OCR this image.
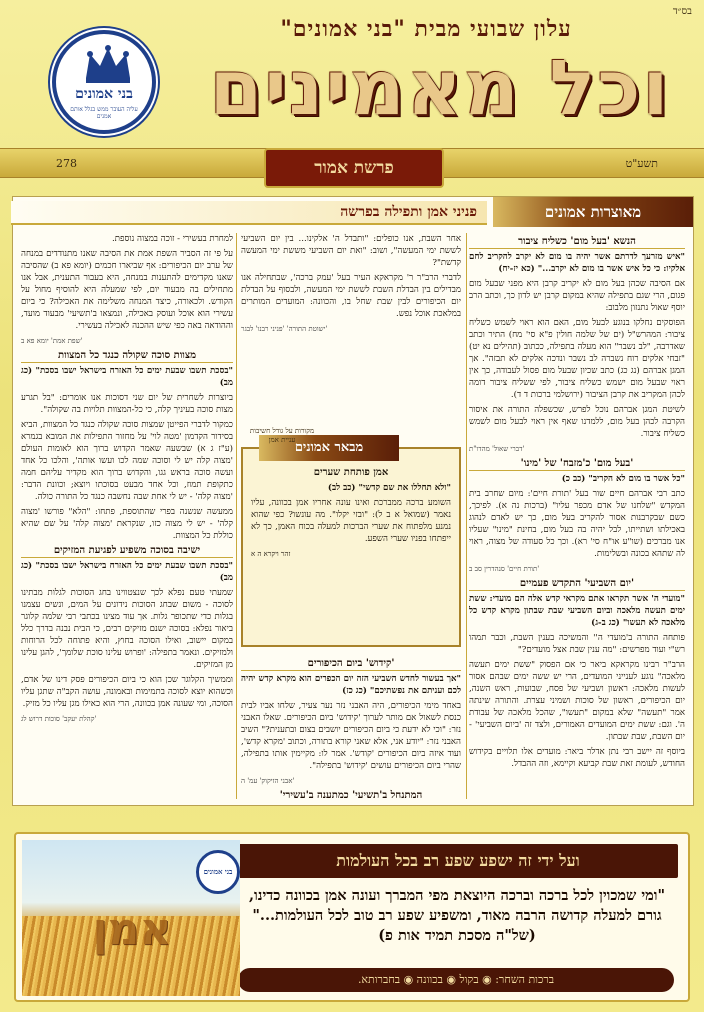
בס״ד
עלון שבועי מבית "בני אמונים"
וכל מאמינים
בני אמונים
עליה העובר ממש בגלל אותם אמנים
278	תשע"ט
פרשת אמור
מאוצרות אמונים
פניני אמן ותפילה בפרשה
הנשא 'בעל מום' כשליח ציבור

"איש מזרעך לדרתם אשר יהיה בו מום לא יקרב להקריב לחם אלקיו: כי כל איש אשר בו מום לא יקרב..." (כא יז-יח)

אם הסיבה שכהן בעל מום לא יקריב קרבן היא מפני שבעל מום פגום, הרי שגם בתפילה שהיא במקום קרבן יש לדון כך, וכתב הרב יוסף שאול נתנזון מלבוב:

הפוסקים נחלקו בנוגע לבעל מום, האם הוא ראוי לשמש כשליח ציבור: המהרש"ל (ים של שלמה חולין פ"א סי' מח) התיר וכתב שאדרבה, "לב נשבר" הוא מעלה בתפילה, ככתוב (תהילים נא יט) "זבחי אלקים רוח נשברה לב נשבר ונדכה אלקים לא תבזה". אך המגן אברהם (נג כג) כתב שכיון שבעל מום פסול לעבודה, כך אין ראוי שבעל מום ישמש כשליח ציבור, לפי ששליח ציבור דומה לכהן המקריב את קרבן הציבור (ירושלמי ברכות ד ד).

לשיטת המגן אברהם נוכל לפרש, שכשפלה התורה את איסור הקרבה לכהן בעל מום, ללמדנו שאף אין ראוי לבעל מום לשמש כשליח ציבור.

'דברי שאול' מהדו"ת

'בעל מום' כ'מזבח' של 'מינו'

"כל אשר בו מום לא הקריב" (כב כ)

כתב רבי אברהם חיים שור בעל 'תורת חיים': מיום שחרב בית המקדש "שלחנו של אדם מכפר עליו" (ברכות נה א). לפיכך, כשם שבקרבנות אסור להקריב בעל מום, כך יש לאדם לנהוג באכילתו ושתייתו, לבל יהיה בה בעל מום, בחינת "מינו" שעליו אנו מברכים (שו"ע או"ח סי' רא). וכך כל סעודה של מצוה, ראוי לה שתהא בכונה ובשלימות.

'תורת חיים' סנהדרין סב ב

'יום השביעי' התקדש פעמיים

"מועדי ה' אשר תקראו אתם מקראי קדש אלה הם מועדי: ששת ימים תעשה מלאכה וביום השביעי שבת שבתון מקרא קדש כל מלאכה לא תעשו" (כג ב-ג)

פותחה התורה ב'מועדי ה'' והמשיכה בענין השבת, וכבר תמהו רש"י ועוד מפרשים: "מה ענין שבת אצל מועדים?"

הרב"ר רבינו מקראקא ביאר כי אם הפסוק "ששת ימים תעשה מלאכה" נוגע לענייני המועדים, הרי יש ששה ימים שבהם אסור לעשות מלאכה: ראשון ושביעי של פסח, שבועות, ראש השנה, יום הכיפורים, ראשון של סוכות ושמיני עצרת. והתורה שינתה אמר "תעשה" שלא במקום "תעשו", שהכל מלאכה של עבודת ה'. וגם: ששת ימים המועדים האמורים, ולצד זה 'ביום השביעי' - יום השבת, שבת שבתון.

ביוסף זה יישב רבי נתן אדלר ביאר: מועדים אלו תלויים בקידוש החודש, לעומת זאת שבת קביעא וקיימא, וזה ההבדל.

אחר השבת, אנו כופלים: "ותבדל ה' אלקינו... בין יום השביעי לששת ימי המעשה", ושוב: "ואת יום השביעי מששת ימי המעשה קדשת"?

לדברי הרב"ר ר' מקראקא העיר בעל 'עמק ברכה', שבתחילה אנו מבדילים בין הבדלת השבת לששת ימי המעשה, ולבסוף על הבדלת יום הכיפורים לבין שבת שחל בו, והכוונה: המועדים המותרים במלאכת אוכל נפש.

'ישוטת התורה' 'פניני רבנו' לבגר

מבאר אמונים
מקורות על גודל חשיבות עניית אמן
אמן פותחת שערים

"ולא תחללו את שם קדשי" (כב לב)

השומע ברכה ממברכת ואינו עונה אחריו אמן בכוונה, עליו נאמר (שמואל א ב ל): "ובזי יקלו". מה עונשו? כפי שהוא נמנע מלפתוח את שערי הברכות למעלה בכוח האמן, כך לא ייפתחו בפניו שערי השפע.

זהר ויקרא ה א

'קידוש' ביום הכיפורים

"אך בעשור לחדש השביעי הזה יום הכפרים הוא מקרא קדש יהיה לכם ועניתם את נפשתיכם" (כג כז)

באחד מימי הכיפורים, היה האבני נזר נער צעיר, שלחו אביו לבית כנסת לשאול אם מותר לערוך 'קידוש' ביום הכיפורים. שאלו האבני נזר: "וכי לא ידעת כי ביום הכיפורים יושבים בצום ובתענית?" השיב האבני נזר: "יודע אני, אלא שאני קורא בתורה, וכתוב 'מקרא קדש', ועוד איזה ביום הכיפורים 'קודש'. אמר לו: מקיימין אותו בתפילה, שהרי ביום הכיפורים עושים 'קידוש' בתפילה".

'אבני הזיקוק' עמ' ה

המתנחל ב'תשיעי' כמתענה ב'עשירי'

למחרת בעשירי - זוכה במצוה נוספת.

על פי זה הסביר השפת אמת את הסיבה שאנו מתנודדים במנחה של ערב יום הכיפורים: אף שביארו חכמים (יומא פא ב) שהסיבה שאנו מקדימים להתענות במנחה, היא בעבור התענית, אבל אנו מתחילים בה מבעוד יום, לפי שמעלה היא להוסיף מחול על הקודש. ולכאורה, כיצד המנחה משלימה את האכילה? כי ביום עשירי הוא אוכל ועוסק באכילה, ונמצאו ב'תשיעי' מבעוד מועד, וההודאה באה כפי שיש ההכנה לאכילה בעשירי.

'שפת אמת' יומא פא ב

מצוות סוכה שקולה כנגד כל המצוות

"בסכת תשבו שבעת ימים כל האזרח בישראל ישבו בסכת" (כג מב)

ביוצרות לשחרית של יום שני דסוכות אנו אומרים: "בל תגרע מצות סוכה בעיניך קלה, כי כל-המצוות תלויות בה שקולה".

כמקור לדברי הפייטן שמצות סוכה שקולה כנגד כל המצוות, הביא בסידור הקדמון 'מטה לוי' על מחזור התפילות את המובא בגמרא (ע"ז ג א) שבשעה שאמר הקדוש ברוך הוא לאומות העולם 'מצוה קלה יש לי וסוכה שמה לכו ועשו אותה', והלכו כל אחד ועשה סוכה בראש גגו, והקדוש ברוך הוא מקדיר עליהם חמה כתקופת תמוז, וכל אחד מבעט בסוכתו ויוצא; וכוונת הדבר: 'מצוה קלה' - יש לי אחת שבה נחשבה כנגד כל התורה כולה.

ממעשה שנשנה בפרי שהתוספת, פתחו: "הלא" פורשו 'מצוה קלה' - יש לי מצוה כזו, שנקראת 'מצוה קלה' על שם שהיא כוללת כל המצוות.

ישיבה בסוכה משפיע לפגיעת המזיקים

"בסכת תשבו שבעת ימים כל האזרח בישראל ישבו בסכת" (כג מב)

שמעתי טעם נפלא לכך שנצטווינו בחג הסוכות לגלות מבתינו לסוכה - משום שבחג הסוכות נידונים על המים, ונשים עצמנו בגלות כדי שתכופר גלות. אך עוד מצינו בכתבי רבי שלמה קלוגר ביאור נפלא: בסוכה ישנם מזיקים רבים, כי הבית נבנה בדרך כלל במקום יישוב, ואילו הסוכה בחוץ, והיא פתוחה לכל הרוחות ולמזיקים. ונאמר בתפילה: 'ופרוש עלינו סוכת שלומך', להגן עלינו מן המזיקים.

וממשיך הקלוגר שכן הוא כי ביום הכיפורים פסק דינו של אדם, וכשהוא יוצא לסוכה בתמימות ובאמונה, עושה הקב"ה שתגן עליו הסוכה, ומי שעונה אמן בכוונה, הרי הוא כאילו מגן עליו כל מזיק.

'קהלת יעקב' סוכות דרוש לג

ועל ידי זה ישפע שפע רב בכל העולמות
"ומי שמכוין לכל ברכה וברכה היוצאת מפי המברך ועונה אמן בכוונה כדינו, גורם למעלה קדושה הרבה מאוד, ומשפיע שפע רב טוב לכל העולמות..." (של"ה מסכת תמיד אות פ)
ברכות השחר: ◉ בקול ◉ בכוונה ◉ בחברותא.
אמן
בני אמונים
